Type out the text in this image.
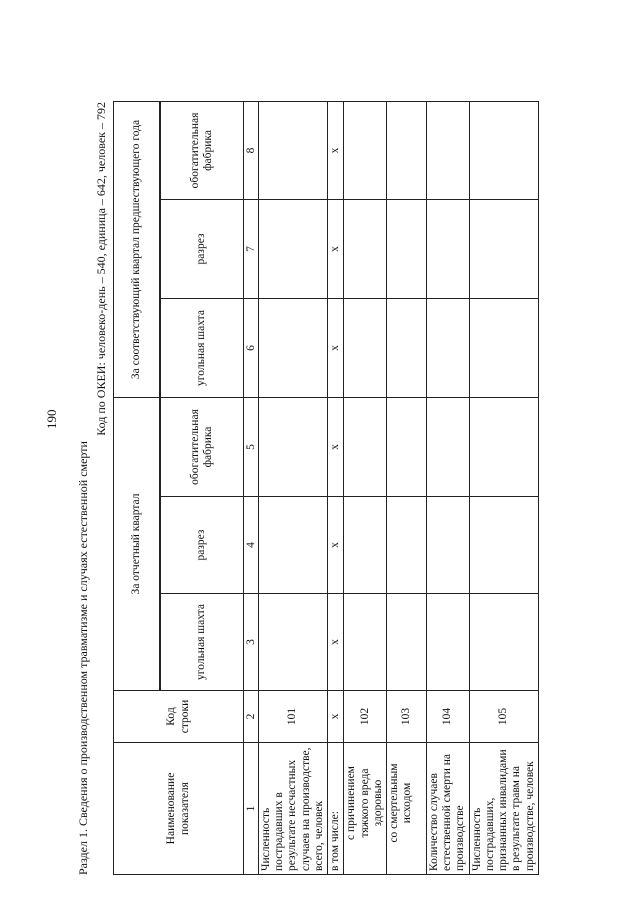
190
Раздел 1. Сведения о производственном травматизме и случаях естественной смерти
Код по ОКЕИ: человеко-день – 540, единица – 642, человек – 792
Наименование показателя	Код строки	За отчетный квартал			За соответствующий квартал предшествующего года		

		угольная шахта	разрез	обогатительная фабрика	угольная шахта	разрез	обогатительная фабрика
1	2	3	4	5	6	7	8
Численность пострадавших в результате несчастных случаев на производстве, всего, человек	101						
в том числе:	x	x	x	x	x	x	x
с причинением тяжкого вреда здоровью	102						
со смертельным исходом	103						
Количество случаев естественной смерти на производстве	104						
Численность пострадавших, признанных инвалидами в результате травм на производстве, человек	105						
